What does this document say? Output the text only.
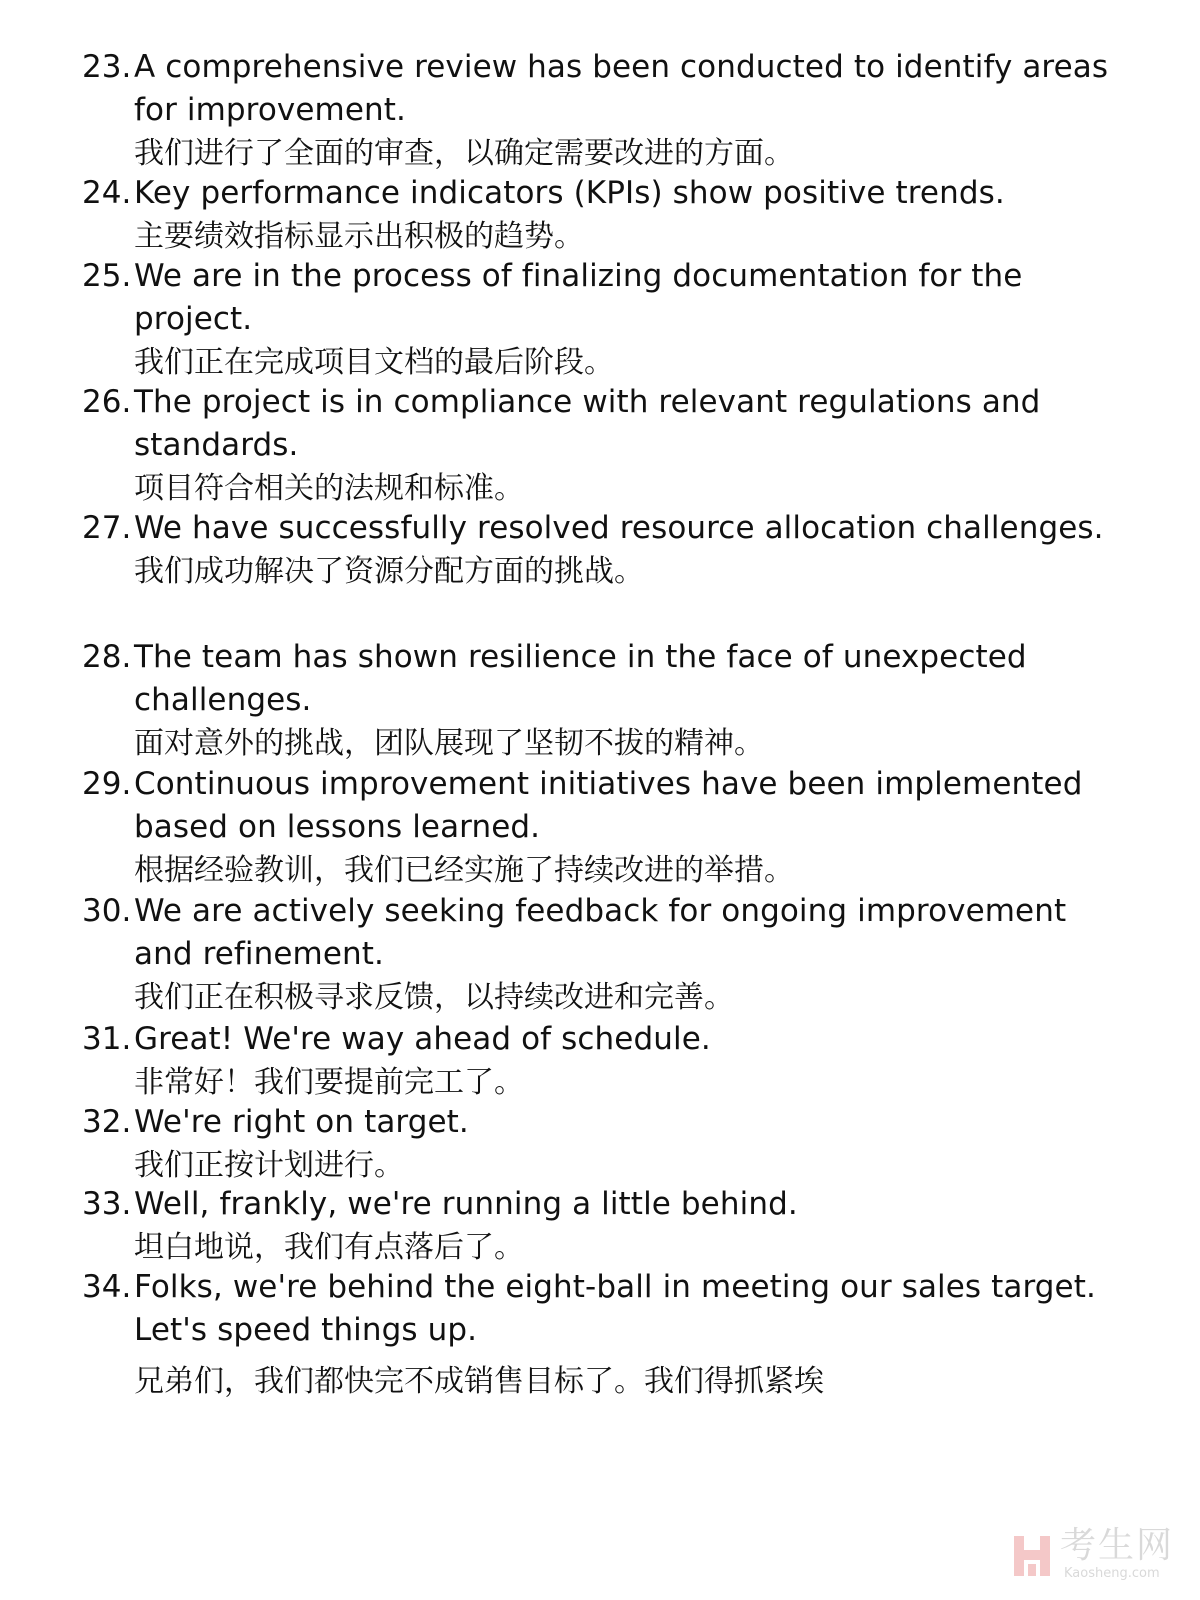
23. A comprehensive review has been conducted to identify areas for improvement.
我们进行了全面的审查，以确定需要改进的方面。
24. Key performance indicators (KPIs) show positive trends.
主要绩效指标显示出积极的趋势。
25. We are in the process of finalizing documentation for the project.
我们正在完成项目文档的最后阶段。
26. The project is in compliance with relevant regulations and standards.
项目符合相关的法规和标准。
27. We have successfully resolved resource allocation challenges.
我们成功解决了资源分配方面的挑战。
28. The team has shown resilience in the face of unexpected challenges.
面对意外的挑战，团队展现了坚韧不拔的精神。
29. Continuous improvement initiatives have been implemented based on lessons learned.
根据经验教训，我们已经实施了持续改进的举措。
30. We are actively seeking feedback for ongoing improvement and refinement.
我们正在积极寻求反馈，以持续改进和完善。
31. Great! We're way ahead of schedule.
非常好！我们要提前完工了。
32. We're right on target.
我们正按计划进行。
33. Well, frankly, we're running a little behind.
坦白地说，我们有点落后了。
34. Folks, we're behind the eight-ball in meeting our sales target. Let's speed things up.
兄弟们，我们都快完不成销售目标了。我们得抓紧埃
考生网
Kaosheng.com
